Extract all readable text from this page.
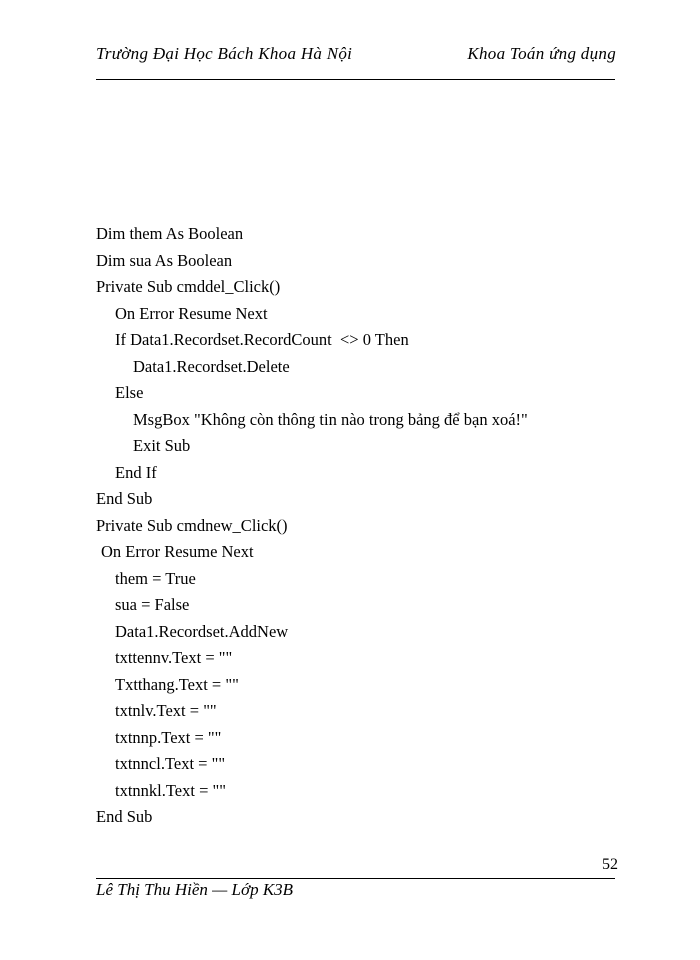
Trường Đại Học Bách Khoa Hà Nội	Khoa Toán ứng dụng
Dim them As Boolean
Dim sua As Boolean
Private Sub cmddel_Click()
On Error Resume Next
If Data1.Recordset.RecordCount  <> 0 Then
Data1.Recordset.Delete
Else
MsgBox "Không còn thông tin nào trong bảng để bạn xoá!"
Exit Sub
End If
End Sub
Private Sub cmdnew_Click()
On Error Resume Next
them = True
sua = False
Data1.Recordset.AddNew
txttennv.Text = ""
Txtthang.Text = ""
txtnlv.Text = ""
txtnnp.Text = ""
txtnncl.Text = ""
txtnnkl.Text = ""
End Sub
52
Lê Thị Thu Hiền — Lớp K3B
